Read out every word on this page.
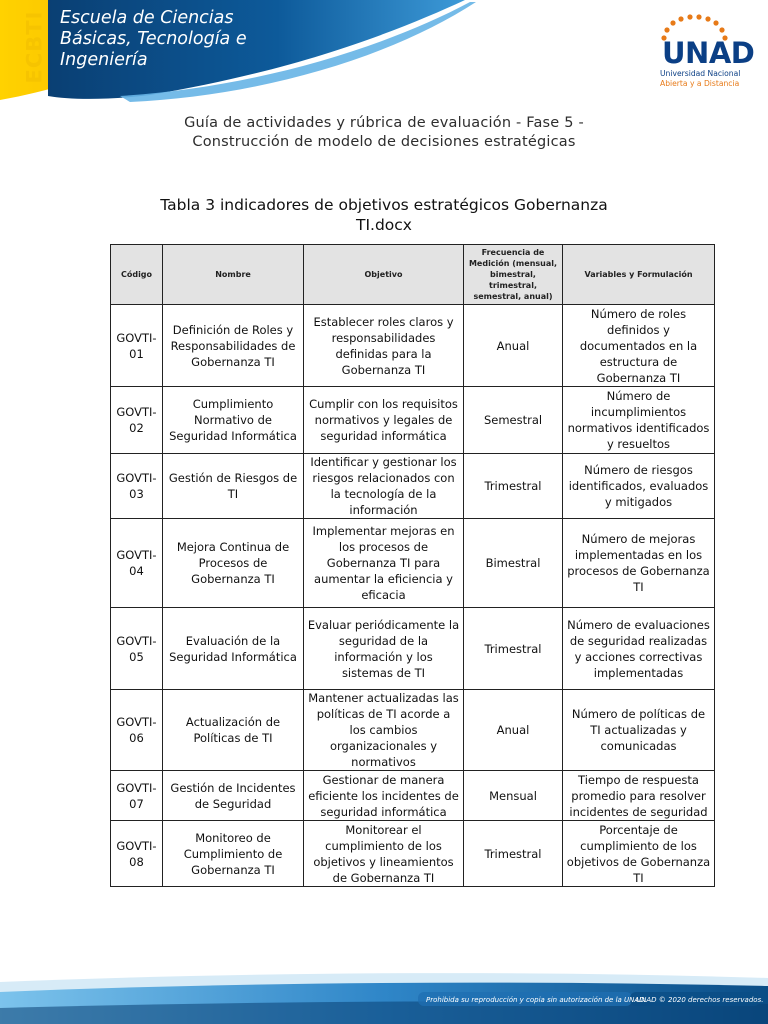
ECBTI Escuela de Ciencias
Básicas, Tecnología e
Ingeniería	UNAD
Universidad Nacional
Abierta y a Distancia
Guía de actividades y rúbrica de evaluación - Fase 5 -
Construcción de modelo de decisiones estratégicas
Tabla 3 indicadores de objetivos estratégicos Gobernanza
TI.docx
Código	Nombre	Objetivo	Frecuencia de Medición (mensual, bimestral, trimestral, semestral, anual)	Variables y Formulación
GOVTI-01	Definición de Roles y Responsabilidades de Gobernanza TI	Establecer roles claros y responsabilidades definidas para la Gobernanza TI	Anual	Número de roles definidos y documentados en la estructura de Gobernanza TI
GOVTI-02	Cumplimiento Normativo de Seguridad Informática	Cumplir con los requisitos normativos y legales de seguridad informática	Semestral	Número de incumplimientos normativos identificados y resueltos
GOVTI-03	Gestión de Riesgos de TI	Identificar y gestionar los riesgos relacionados con la tecnología de la información	Trimestral	Número de riesgos identificados, evaluados y mitigados
GOVTI-04	Mejora Continua de Procesos de Gobernanza TI	Implementar mejoras en los procesos de Gobernanza TI para aumentar la eficiencia y eficacia	Bimestral	Número de mejoras implementadas en los procesos de Gobernanza TI
GOVTI-05	Evaluación de la Seguridad Informática	Evaluar periódicamente la seguridad de la información y los sistemas de TI	Trimestral	Número de evaluaciones de seguridad realizadas y acciones correctivas implementadas
GOVTI-06	Actualización de Políticas de TI	Mantener actualizadas las políticas de TI acorde a los cambios organizacionales y normativos	Anual	Número de políticas de TI actualizadas y comunicadas
GOVTI-07	Gestión de Incidentes de Seguridad	Gestionar de manera eficiente los incidentes de seguridad informática	Mensual	Tiempo de respuesta promedio para resolver incidentes de seguridad
GOVTI-08	Monitoreo de Cumplimiento de Gobernanza TI	Monitorear el cumplimiento de los objetivos y lineamientos de Gobernanza TI	Trimestral	Porcentaje de cumplimiento de los objetivos de Gobernanza TI
Prohibida su reproducción y copia sin autorización de la UNAD.
UNAD © 2020 derechos reservados.
